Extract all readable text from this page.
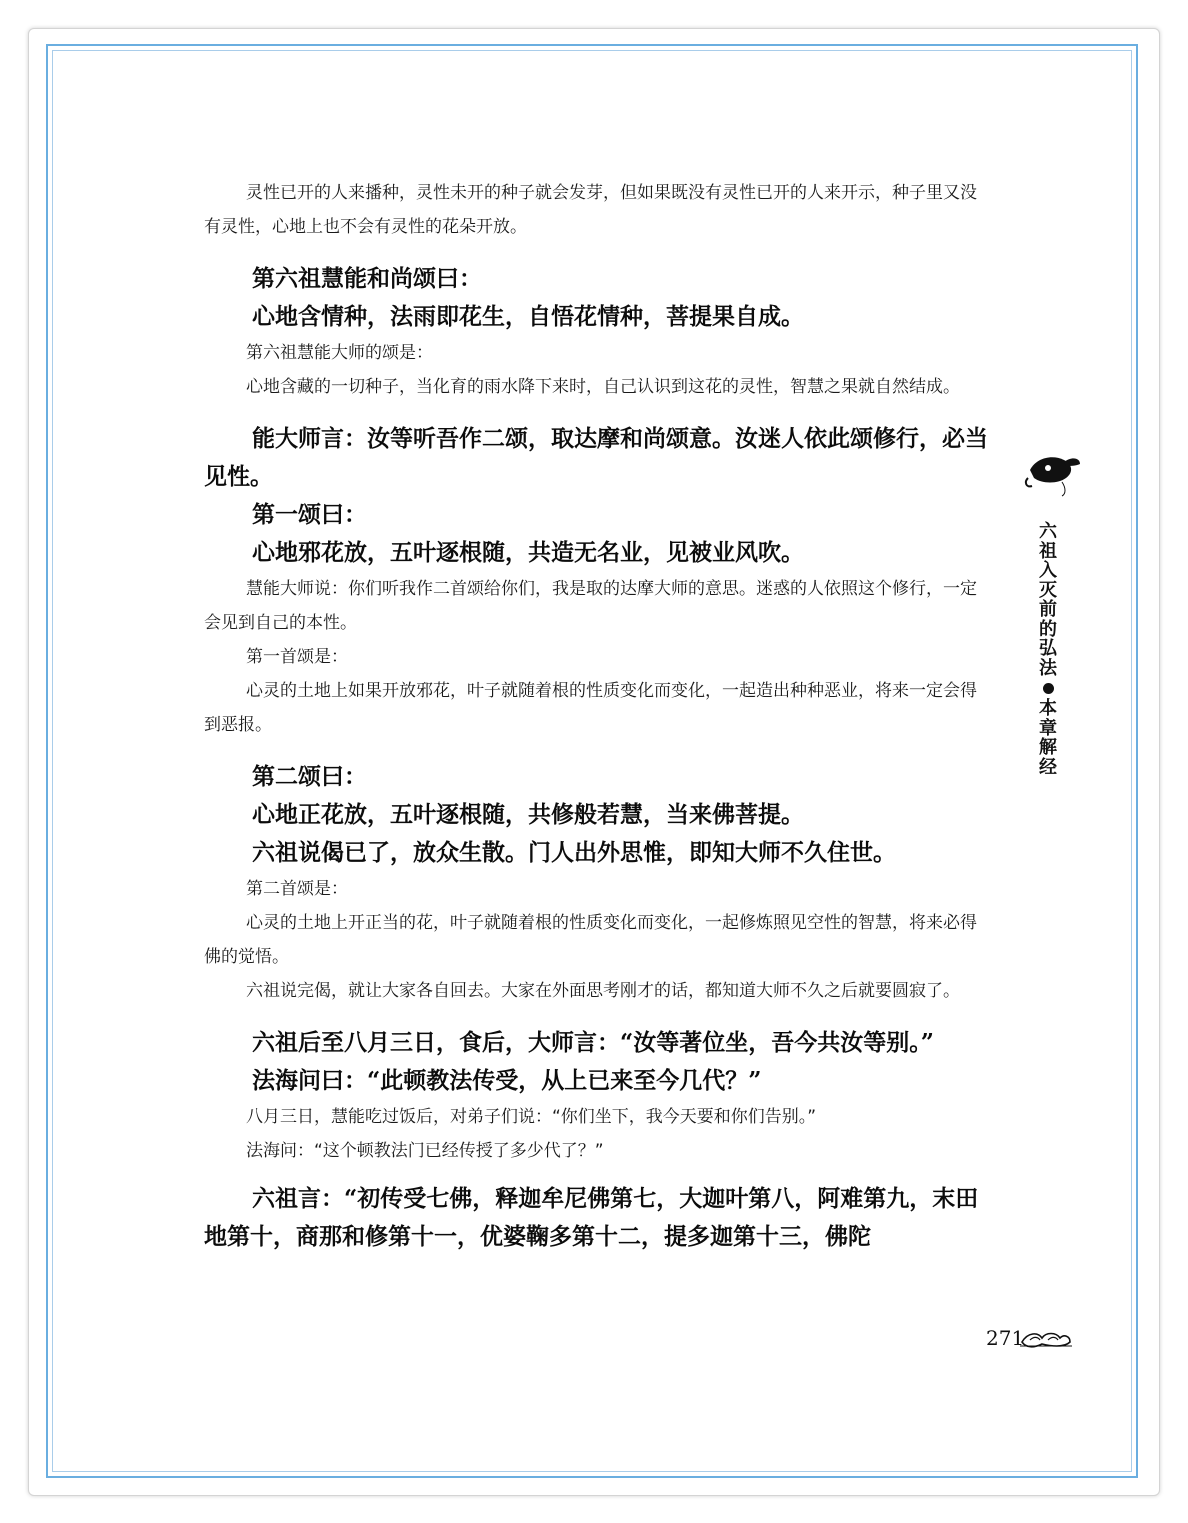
灵性已开的人来播种，灵性未开的种子就会发芽，但如果既没有灵性已开的人来开示，种子里又没有灵性，心地上也不会有灵性的花朵开放。

第六祖慧能和尚颂曰：

心地含情种，法雨即花生，自悟花情种，菩提果自成。

第六祖慧能大师的颂是：

心地含藏的一切种子，当化育的雨水降下来时，自己认识到这花的灵性，智慧之果就自然结成。

能大师言：汝等听吾作二颂，取达摩和尚颂意。汝迷人依此颂修行，必当见性。

第一颂曰：

心地邪花放，五叶逐根随，共造无名业，见被业风吹。

慧能大师说：你们听我作二首颂给你们，我是取的达摩大师的意思。迷惑的人依照这个修行，一定会见到自己的本性。

第一首颂是：

心灵的土地上如果开放邪花，叶子就随着根的性质变化而变化，一起造出种种恶业，将来一定会得到恶报。

第二颂曰：

心地正花放，五叶逐根随，共修般若慧，当来佛菩提。

六祖说偈已了，放众生散。门人出外思惟，即知大师不久住世。

第二首颂是：

心灵的土地上开正当的花，叶子就随着根的性质变化而变化，一起修炼照见空性的智慧，将来必得佛的觉悟。

六祖说完偈，就让大家各自回去。大家在外面思考刚才的话，都知道大师不久之后就要圆寂了。

六祖后至八月三日，食后，大师言：“汝等著位坐，吾今共汝等别。”

法海问曰：“此顿教法传受，从上已来至今几代？”

八月三日，慧能吃过饭后，对弟子们说：“你们坐下，我今天要和你们告别。”

法海问：“这个顿教法门已经传授了多少代了？”

六祖言：“初传受七佛，释迦牟尼佛第七，大迦叶第八，阿难第九，末田地第十，商那和修第十一，优婆鞠多第十二，提多迦第十三，佛陀

六祖入灭前的弘法
本章解经
271
